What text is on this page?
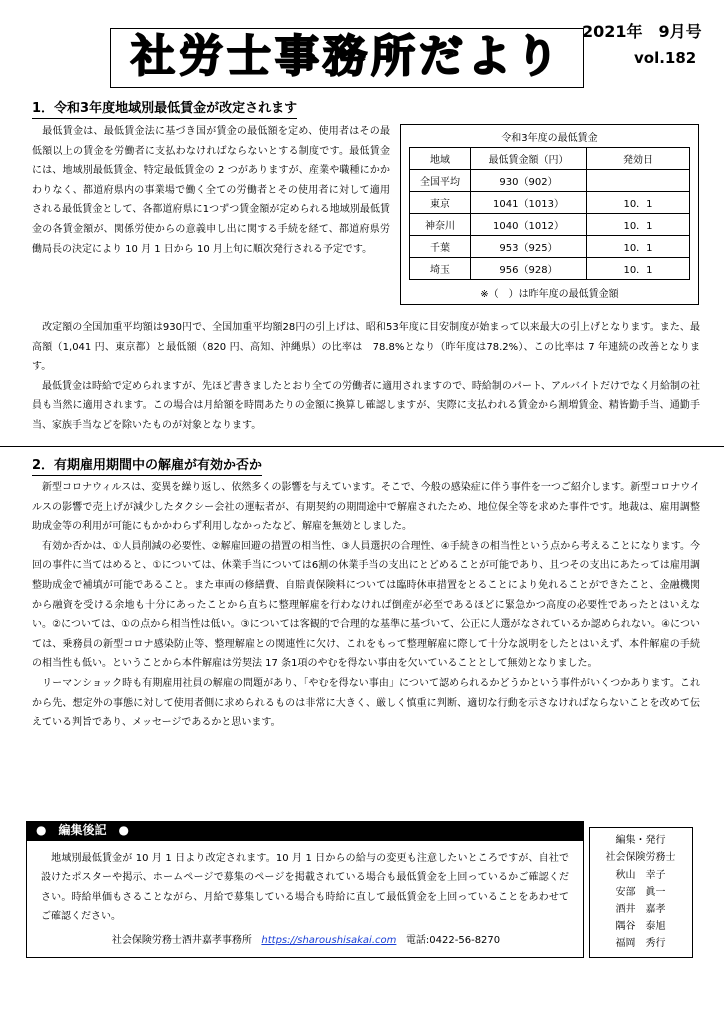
社労士事務所だより	2021年　9月号
vol.182
1．令和3年度地域別最低賃金が改定されます

　最低賃金は、最低賃金法に基づき国が賃金の最低額を定め、使用者はその最低額以上の賃金を労働者に支払わなければならないとする制度です。最低賃金には、地域別最低賃金、特定最低賃金の 2 つがありますが、産業や職種にかかわりなく、都道府県内の事業場で働く全ての労働者とその使用者に対して適用される最低賃金として、各都道府県に1つずつ賃金額が定められる地域別最低賃金の各賃金額が、関係労使からの意義申し出に関する手続を経て、都道府県労働局長の決定により 10 月 1 日から 10 月上旬に順次発行される予定です。

令和3年度の最低賃金
地域	最低賃金額（円）	発効日
全国平均	930（902）	
東京	1041（1013）	10．1
神奈川	1040（1012）	10．1
千葉	953（925）	10．1
埼玉	956（928）	10．1
※（　）は昨年度の最低賃金額

　改定額の全国加重平均額は930円で、全国加重平均額28円の引上げは、昭和53年度に目安制度が始まって以来最大の引上げとなります。また、最高額（1,041 円、東京都）と最低額（820 円、高知、沖縄県）の比率は　78.8%となり（昨年度は78.2%）、この比率は 7 年連続の改善となります。
　最低賃金は時給で定められますが、先ほど書きましたとおり全ての労働者に適用されますので、時給制のパート、アルバイトだけでなく月給制の社員も当然に適用されます。この場合は月給額を時間あたりの金額に換算し確認しますが、実際に支払われる賃金から割増賃金、精皆勤手当、通勤手当、家族手当などを除いたものが対象となります。

2．有期雇用期間中の解雇が有効か否か

　新型コロナウィルスは、変異を繰り返し、依然多くの影響を与えています。そこで、今般の感染症に伴う事件を一つご紹介します。新型コロナウイルスの影響で売上げが減少したタクシー会社の運転者が、有期契約の期間途中で解雇されたため、地位保全等を求めた事件です。地裁は、雇用調整助成金等の利用が可能にもかかわらず利用しなかったなど、解雇を無効としました。
　有効か否かは、①人員削減の必要性、②解雇回避の措置の相当性、③人員選択の合理性、④手続きの相当性という点から考えることになります。今回の事件に当てはめると、①については、休業手当については6割の休業手当の支出にとどめることが可能であり、且つその支出にあたっては雇用調整助成金で補填が可能であること。また車両の修繕費、自賠責保険料については臨時休車措置をとることにより免れることができたこと、金融機関から融資を受ける余地も十分にあったことから直ちに整理解雇を行わなければ倒産が必至であるほどに緊急かつ高度の必要性であったとはいえない。②については、①の点から相当性は低い。③については客観的で合理的な基準に基づいて、公正に人選がなされているか認められない。④については、乗務員の新型コロナ感染防止等、整理解雇との関連性に欠け、これをもって整理解雇に際して十分な説明をしたとはいえず、本件解雇の手続の相当性も低い。ということから本件解雇は労契法 17 条1項のやむを得ない事由を欠いていることとして無効となりました。
　リーマンショック時も有期雇用社員の解雇の問題があり、「やむを得ない事由」について認められるかどうかという事件がいくつかあります。これから先、想定外の事態に対して使用者側に求められるものは非常に大きく、厳しく慎重に判断、適切な行動を示さなければならないことを改めて伝えている判旨であり、メッセージであるかと思います。

●　編集後記　●

　地域別最低賃金が 10 月 1 日より改定されます。10 月 1 日からの給与の変更も注意したいところですが、自社で設けたポスターや掲示、ホームページで募集のページを掲載されている場合も最低賃金を上回っているかご確認ください。時給単価もさることながら、月給で募集している場合も時給に直して最低賃金を上回っていることをあわせてご確認ください。

社会保険労務士酒井嘉孝事務所 https://sharoushisakai.com 電話:0422-56-8270
編集・発行
社会保険労務士
秋山　幸子
安部　眞一
酒井　嘉孝
隅谷　泰旭
福岡　秀行
